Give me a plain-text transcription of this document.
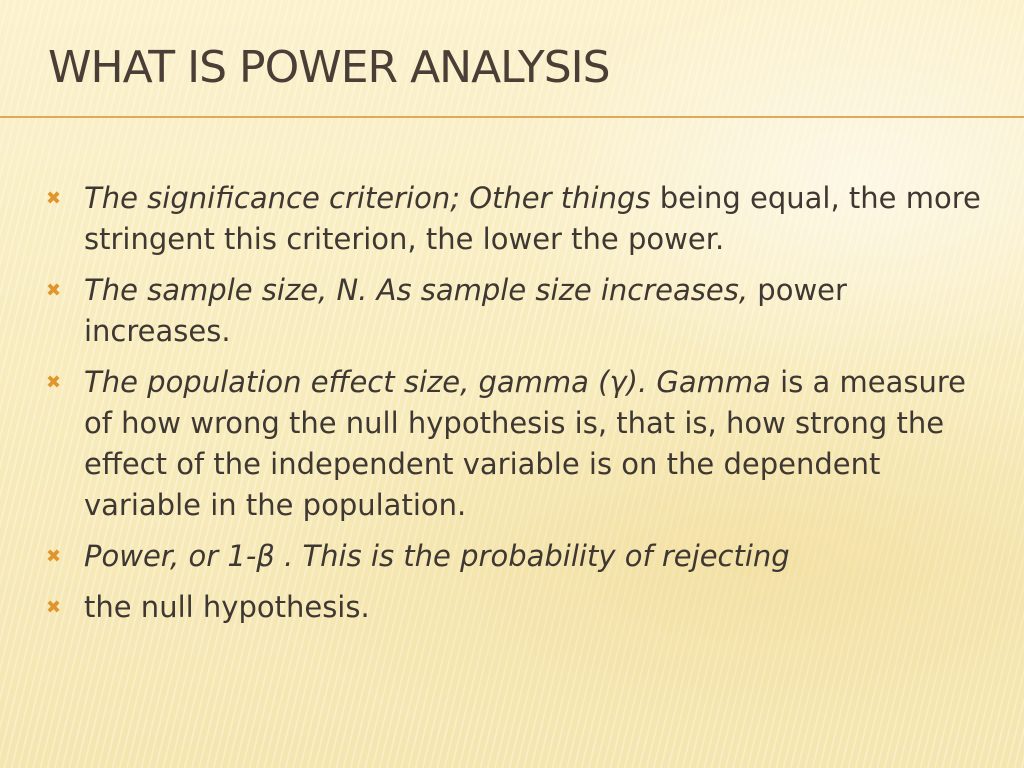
WHAT IS POWER ANALYSIS
✖ The significance criterion; Other things being equal, the more stringent this criterion, the lower the power.
✖ The sample size, N. As sample size increases, power increases.
✖ The population effect size, gamma (γ). Gamma is a measure of how wrong the null hypothesis is, that is, how strong the effect of the independent variable is on the dependent variable in the population.
✖ Power, or 1-β . This is the probability of rejecting
✖ the null hypothesis.
